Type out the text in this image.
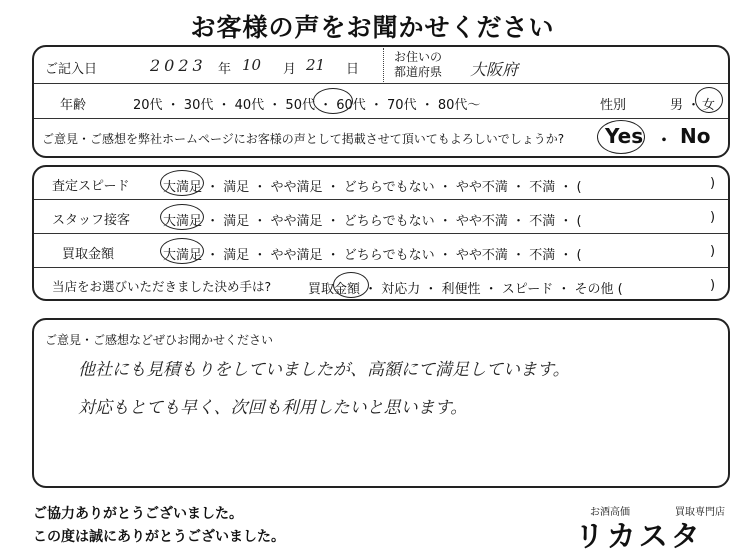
お客様の声をお聞かせください
ご記入日	2023 年 10 月 21 日
お住いの
都道府県 大阪府
年齢	20代 ・ 30代 ・ 40代 ・ 50代 ・ 60代 ・ 70代 ・ 80代〜	性別	男 ・ 女
ご意見・ご感想を弊社ホームページにお客様の声として掲載させて頂いてもよろしいでしょうか? Yes ・ No
査定スピード	大満足 ・ 満足 ・ やや満足 ・ どちらでもない ・ やや不満 ・ 不満 ・ (	)
スタッフ接客	大満足 ・ 満足 ・ やや満足 ・ どちらでもない ・ やや不満 ・ 不満 ・ (	)
買取金額	大満足 ・ 満足 ・ やや満足 ・ どちらでもない ・ やや不満 ・ 不満 ・ (	)
当店をお選びいただきました決め手は?	買取金額 ・ 対応力 ・ 利便性 ・ スピード ・ その他 (	)
ご意見・ご感想などぜひお聞かせください
他社にも見積もりをしていましたが、高額にて満足しています。
対応もとても早く、次回も利用したいと思います。
ご協力ありがとうございました。
この度は誠にありがとうございました。
お酒高価	買取専門店
リカスタ
